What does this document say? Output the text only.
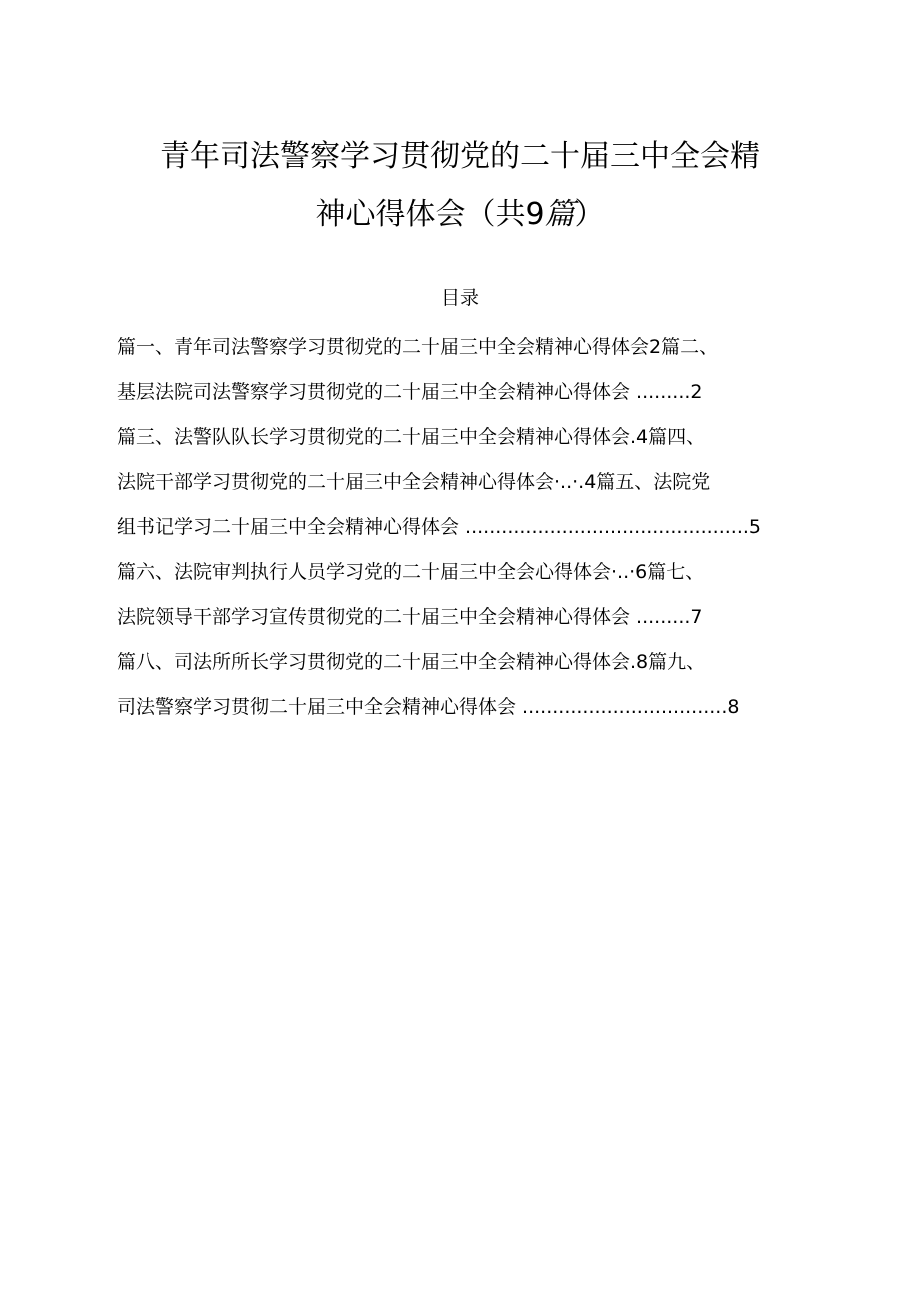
青年司法警察学习贯彻党的二十届三中全会精
神心得体会（共9篇）
目录
篇一、青年司法警察学习贯彻党的二十届三中全会精神心得体会2篇二、
基层法院司法警察学习贯彻党的二十届三中全会精神心得体会 .........2
篇三、法警队队长学习贯彻党的二十届三中全会精神心得体会.4篇四、
法院干部学习贯彻党的二十届三中全会精神心得体会·..·.4篇五、法院党
组书记学习二十届三中全会精神心得体会 ...............................................5
篇六、法院审判执行人员学习党的二十届三中全会心得体会·..·6篇七、
法院领导干部学习宣传贯彻党的二十届三中全会精神心得体会 .........7
篇八、司法所所长学习贯彻党的二十届三中全会精神心得体会.8篇九、
司法警察学习贯彻二十届三中全会精神心得体会 ..................................8
